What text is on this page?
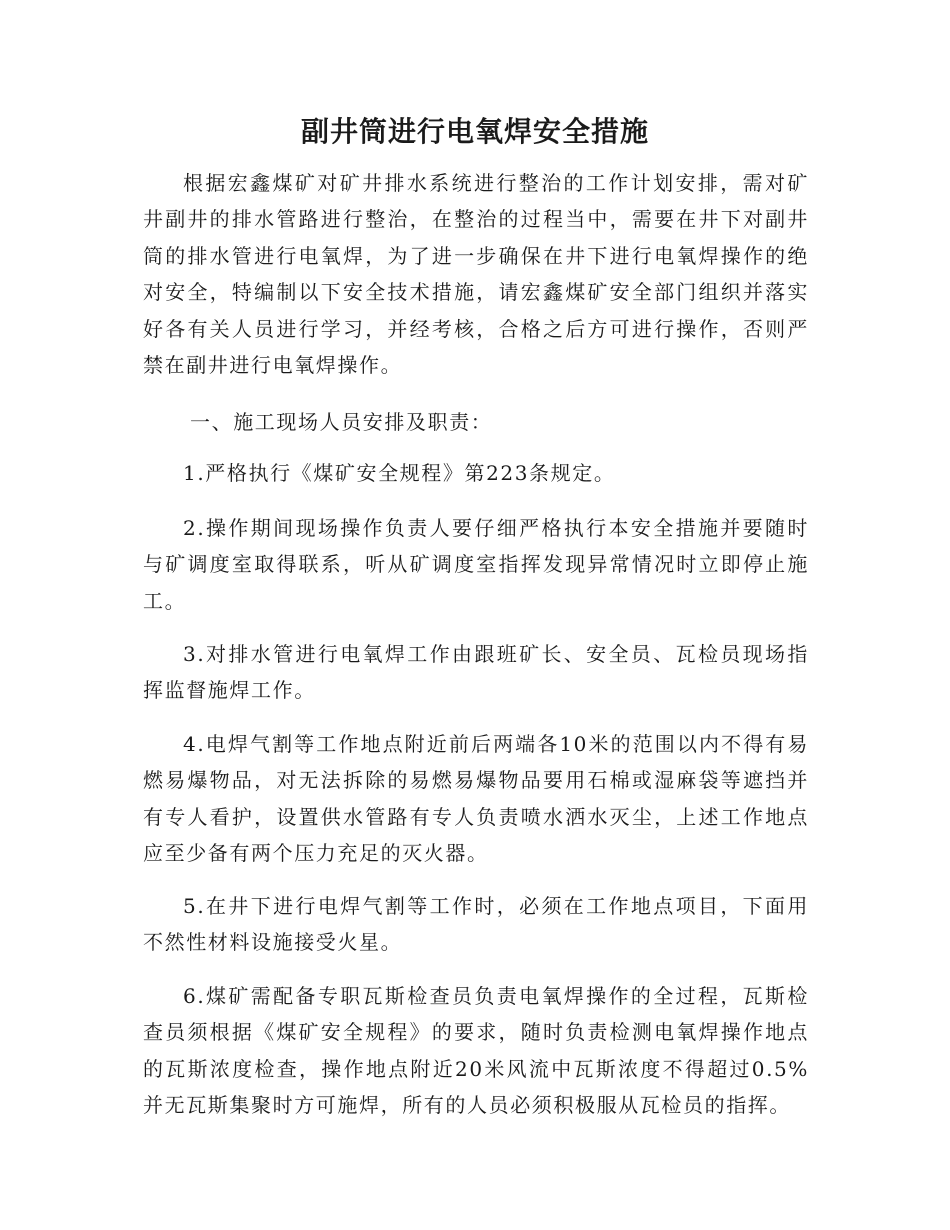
副井筒进行电氧焊安全措施

根据宏鑫煤矿对矿井排水系统进行整治的工作计划安排，需对矿井副井的排水管路进行整治，在整治的过程当中，需要在井下对副井筒的排水管进行电氧焊，为了进一步确保在井下进行电氧焊操作的绝对安全，特编制以下安全技术措施，请宏鑫煤矿安全部门组织并落实好各有关人员进行学习，并经考核，合格之后方可进行操作，否则严禁在副井进行电氧焊操作。

一、施工现场人员安排及职责：

1.严格执行《煤矿安全规程》第223条规定。

2.操作期间现场操作负责人要仔细严格执行本安全措施并要随时与矿调度室取得联系，听从矿调度室指挥发现异常情况时立即停止施工。

3.对排水管进行电氧焊工作由跟班矿长、安全员、瓦检员现场指挥监督施焊工作。

4.电焊气割等工作地点附近前后两端各10米的范围以内不得有易燃易爆物品，对无法拆除的易燃易爆物品要用石棉或湿麻袋等遮挡并有专人看护，设置供水管路有专人负责喷水洒水灭尘，上述工作地点应至少备有两个压力充足的灭火器。

5.在井下进行电焊气割等工作时，必须在工作地点项目，下面用不然性材料设施接受火星。

6.煤矿需配备专职瓦斯检查员负责电氧焊操作的全过程，瓦斯检查员须根据《煤矿安全规程》的要求，随时负责检测电氧焊操作地点的瓦斯浓度检查，操作地点附近20米风流中瓦斯浓度不得超过0.5%并无瓦斯集聚时方可施焊，所有的人员必须积极服从瓦检员的指挥。
